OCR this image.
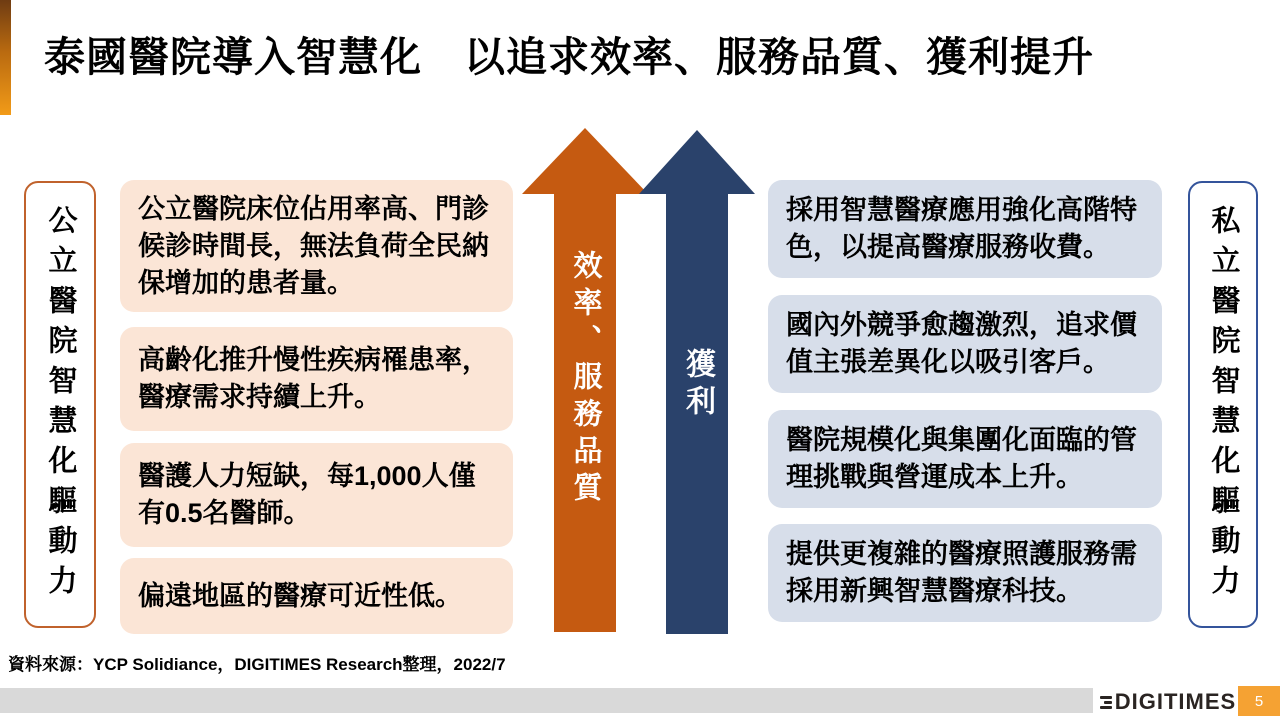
泰國醫院導入智慧化　以追求效率、服務品質、獲利提升
公立醫院智慧化驅動力	公立醫院床位佔用率高、門診候診時間長，無法負荷全民納保增加的患者量。
高齡化推升慢性疾病罹患率，醫療需求持續上升。
醫護人力短缺，每1,000人僅有0.5名醫師。
偏遠地區的醫療可近性低。
效率、服務品質	獲利
採用智慧醫療應用強化高階特色，以提高醫療服務收費。
國內外競爭愈趨激烈，追求價值主張差異化以吸引客戶。
醫院規模化與集團化面臨的管理挑戰與營運成本上升。
提供更複雜的醫療照護服務需採用新興智慧醫療科技。	私立醫院智慧化驅動力
資料來源：YCP Solidiance，DIGITIMES Research整理，2022/7
DIGITIMES	5
